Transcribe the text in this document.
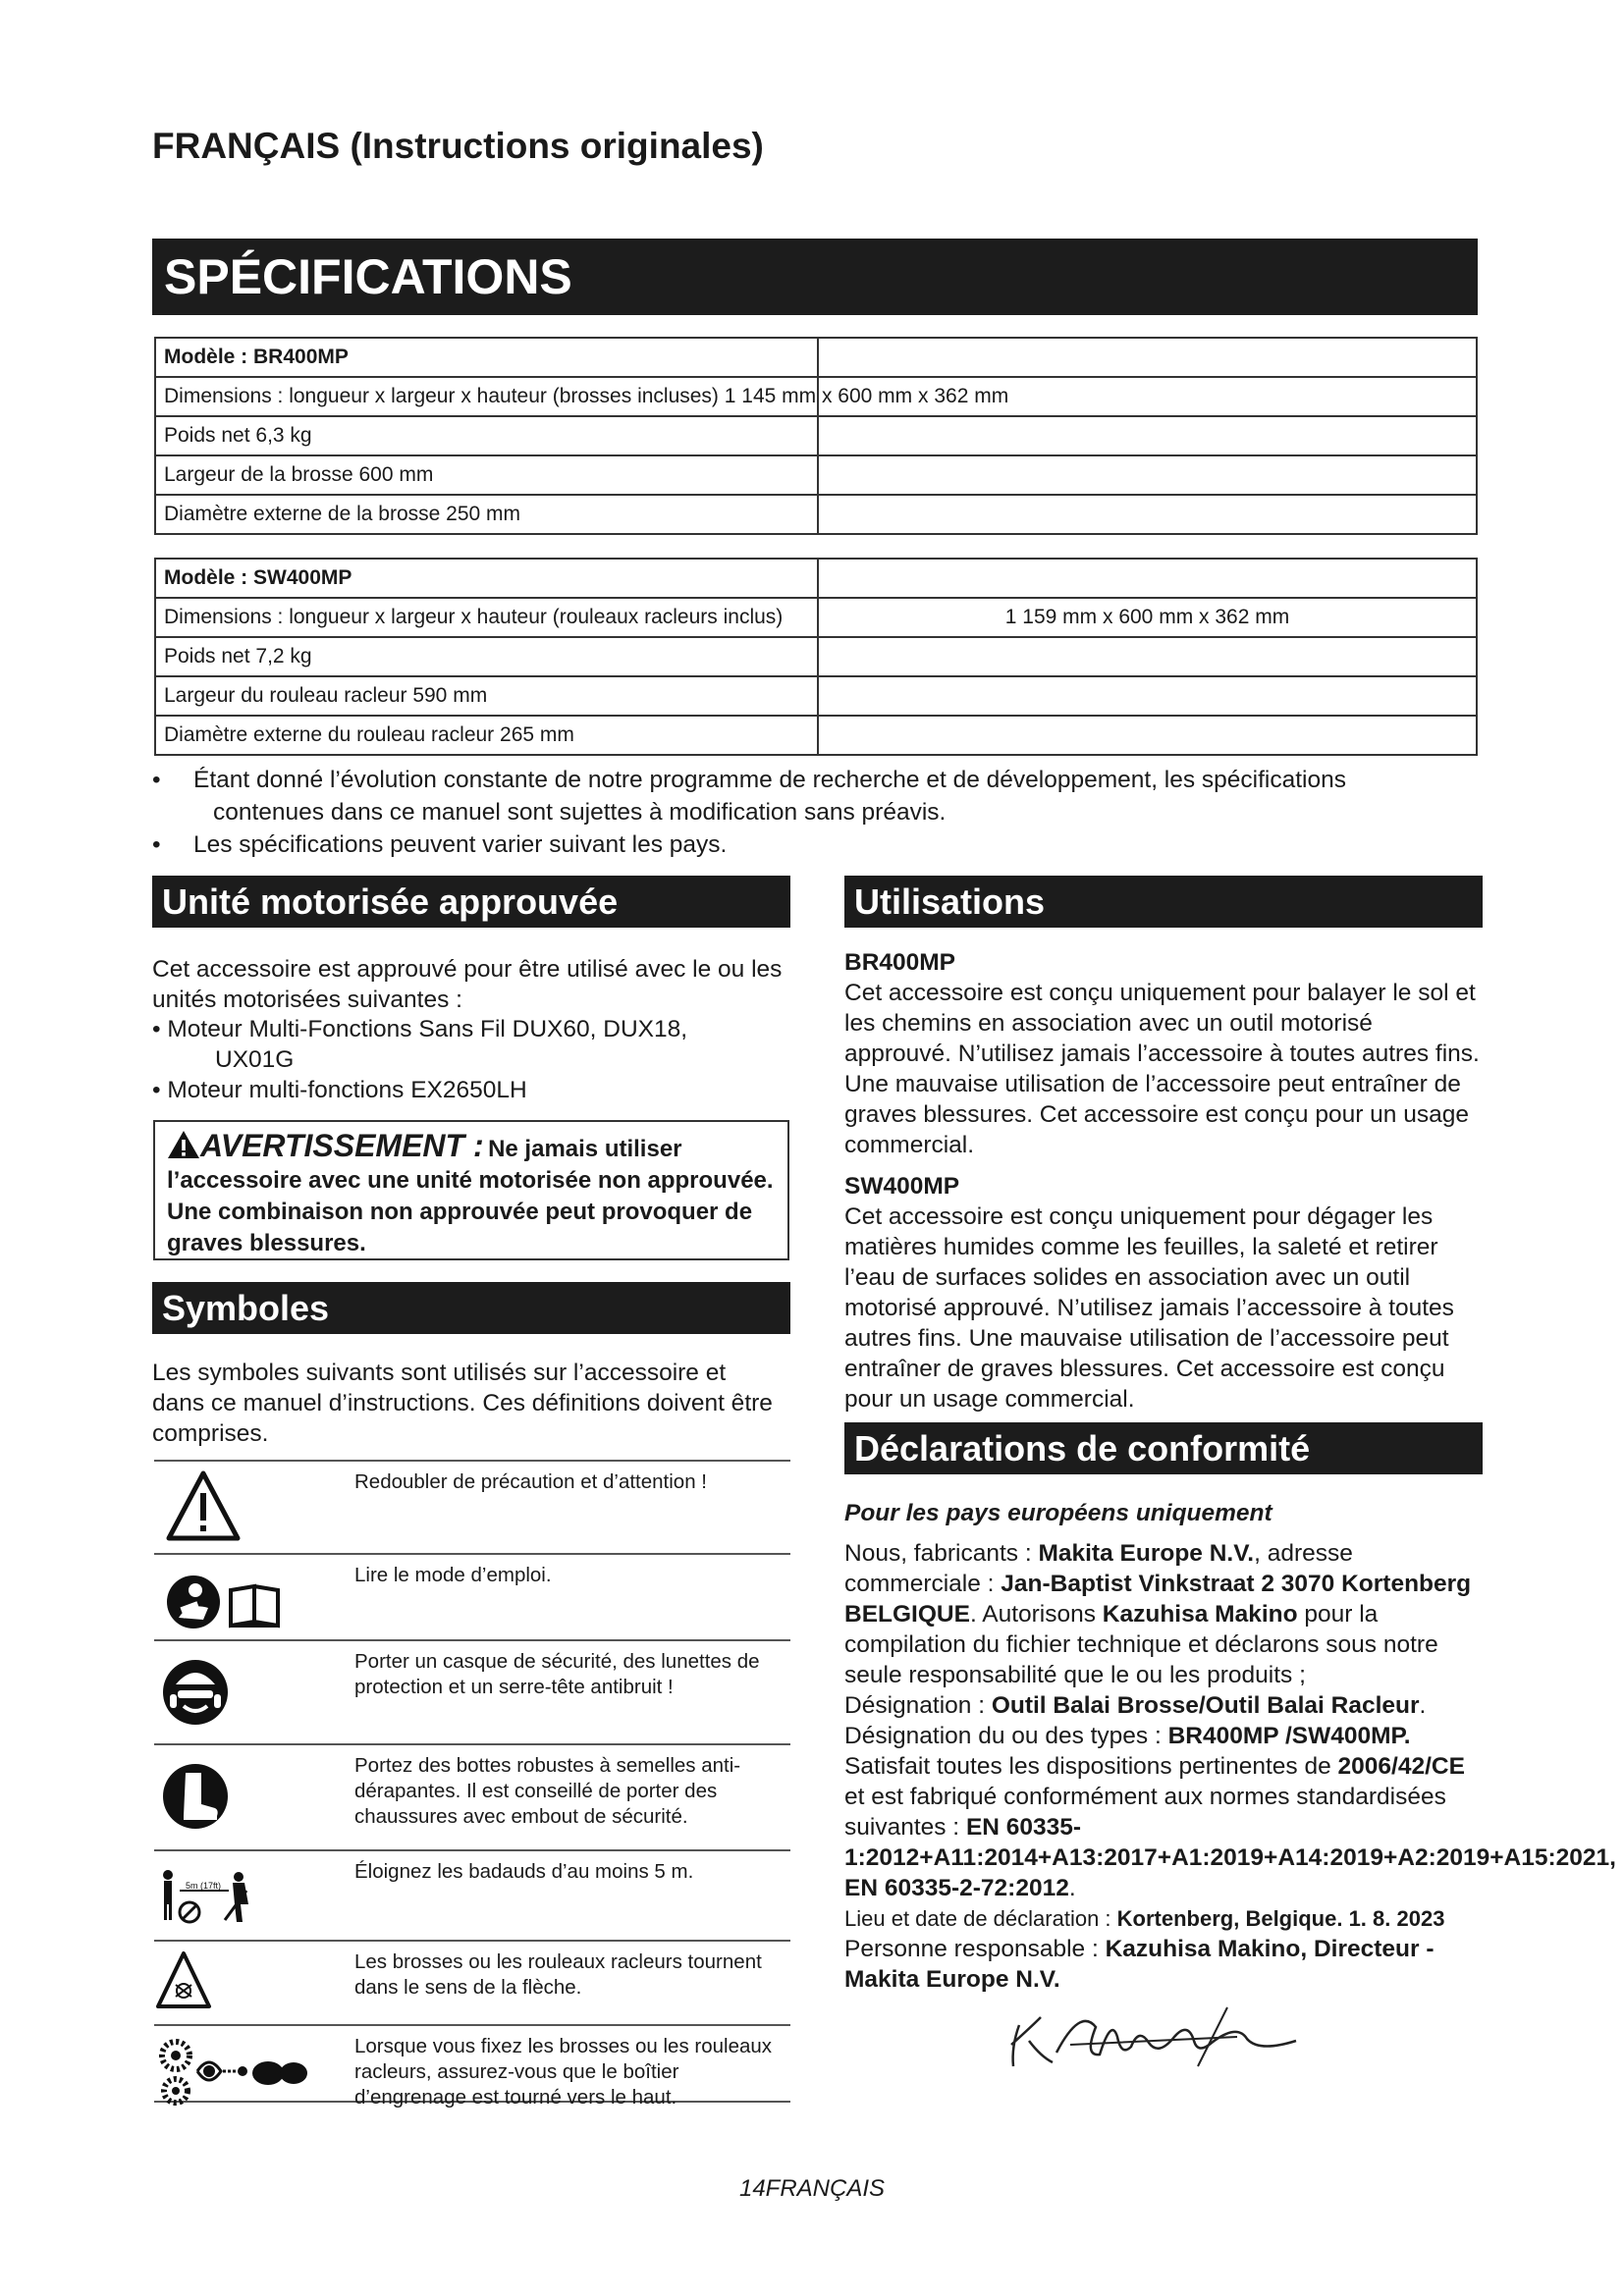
FRANÇAIS (Instructions originales)
SPÉCIFICATIONS
Modèle : BR400MP	

Dimensions : longueur x largeur x hauteur (brosses incluses) 1 145 mm x 600 mm x 362 mm	

Poids net 6,3 kg	
Largeur de la brosse 600 mm	
Diamètre externe de la brosse 250 mm	
Modèle : SW400MP	
Dimensions : longueur x largeur x hauteur (rouleaux racleurs inclus)	1 159 mm x 600 mm x 362 mm
Poids net 7,2 kg	
Largeur du rouleau racleur 590 mm	
Diamètre externe du rouleau racleur 265 mm	
• Étant donné l’évolution constante de notre programme de recherche et de développement, les spécifications
contenues dans ce manuel sont sujettes à modification sans préavis.
• Les spécifications peuvent varier suivant les pays.
Unité motorisée approuvée

Cet accessoire est approuvé pour être utilisé avec le ou les unités motorisées suivantes :

• Moteur Multi-Fonctions Sans Fil DUX60, DUX18,
UX01G
• Moteur multi-fonctions EX2650LH
AVERTISSEMENT : Ne jamais utiliser
l’accessoire avec une unité motorisée non approuvée. Une combinaison non approuvée peut provoquer de graves blessures.
Symboles

Les symboles suivants sont utilisés sur l’accessoire et dans ce manuel d’instructions. Ces définitions doivent être comprises.

Redoubler de précaution et d’attention !
Lire le mode d’emploi.
Porter un casque de sécurité, des lunettes de protection et un serre-tête antibruit !
Portez des bottes robustes à semelles anti-dérapantes. Il est conseillé de porter des chaussures avec embout de sécurité.
5m (17ft)
Éloignez les badauds d’au moins 5 m.
Les brosses ou les rouleaux racleurs tournent dans le sens de la flèche.
Lorsque vous fixez les brosses ou les rouleaux racleurs, assurez-vous que le boîtier d’engrenage est tourné vers le haut.
Utilisations
BR400MP

Cet accessoire est conçu uniquement pour balayer le sol et les chemins en association avec un outil motorisé approuvé. N’utilisez jamais l’accessoire à toutes autres fins. Une mauvaise utilisation de l’accessoire peut entraîner de graves blessures. Cet accessoire est conçu pour un usage commercial.

SW400MP

Cet accessoire est conçu uniquement pour dégager les matières humides comme les feuilles, la saleté et retirer l’eau de surfaces solides en association avec un outil motorisé approuvé. N’utilisez jamais l’accessoire à toutes autres fins. Une mauvaise utilisation de l’accessoire peut entraîner de graves blessures. Cet accessoire est conçu pour un usage commercial.

Déclarations de conformité
Pour les pays européens uniquement
Nous, fabricants : Makita Europe N.V., adresse commerciale : Jan-Baptist Vinkstraat 2 3070 Kortenberg BELGIQUE. Autorisons Kazuhisa Makino pour la compilation du fichier technique et déclarons sous notre seule responsabilité que le ou les produits ;
Désignation : Outil Balai Brosse/Outil Balai Racleur.
Désignation du ou des types : BR400MP /SW400MP.
Satisfait toutes les dispositions pertinentes de 2006/42/CE et est fabriqué conformément aux normes standardisées suivantes : EN 60335-1:2012+A11:2014+A13:2017+A1:2019+A14:2019+A2:2019+A15:2021, EN 60335-2-72:2012.
Lieu et date de déclaration : Kortenberg, Belgique. 1. 8. 2023
Personne responsable : Kazuhisa Makino, Directeur - Makita Europe N.V.
14FRANÇAIS
